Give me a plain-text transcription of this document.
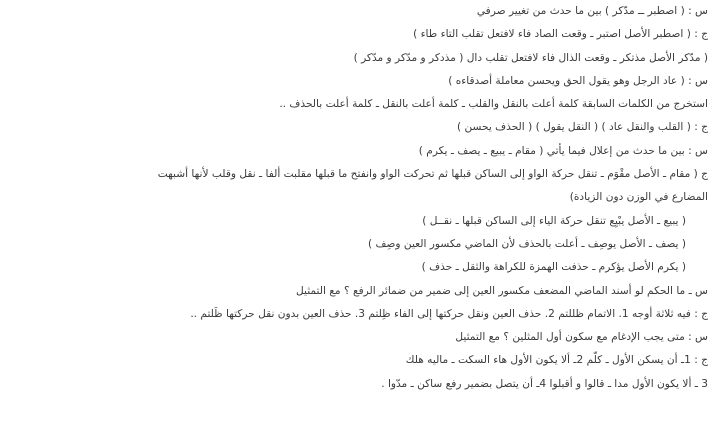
س : ( اصطبر ــ مدّكر ) بين ما حدث من تغيير صرفي
ج : ( اصطبر الأصل اصتبر ـ وقعت الصاد فاء لافتعل تقلب التاء طاء )
( مدّكر الأصل مذتكر ـ وقعت الذال فاء لافتعل تقلب دال ( مذدكر و مدّكر و مدّكر )
س : ( عاد الرجل وهو يقول الحق ويحسن معاملة أصدقاءه )
استخرج من الكلمات السابقة كلمة أعلت بالنقل والقلب ـ كلمة أعلت بالنقل ـ كلمة أعلت بالحذف ..
ج : ( القلب والنقل عاد ) ( النقل يقول ) ( الحذف يحسن )
س : بين ما حدث من إعلال فيما يأتي ( مقام ـ يبيع ـ يصف ـ يكرم )
ج ( مقام ـ الأصل مقْوَم ـ تنقل حركة الواو إلى الساكن قبلها ثم تحركت الواو وانفتح ما قبلها مقلبت ألفا ـ نقل وقلب لأنها أشبهت
المضارع في الوزن دون الزيادة)
( يبيع ـ الأصل يبْيِع تنقل حركة الياء إلى الساكن قبلها ـ نقــل )
( يصف ـ الأصل يوصِف ـ أعلت بالحذف لأن الماضي مكسور العين وصِف )
( يكرم الأصل يؤكرم ـ حذفت الهمزة للكراهة والثقل ـ حذف )
س ـ ما الحكم لو أسند الماضي المضعف مكسور العين إلى ضمير من ضمائر الرفع ؟ مع التمثيل
ج : فيه ثلاثة أوجه 1. الاتمام ظللتم 2. حذف العين ونقل حركتها إلى الفاء ظِلتم 3. حذف العين بدون نقل حركتها ظَلتم ..
س : متى يجب الإدغام مع سكون أول المثلين ؟ مع التمثيل
ج : 1ـ أن يسكن الأول ـ كلّم 2ـ ألا يكون الأول هاء السكت ـ ماليه هلك
3 ـ ألا يكون الأول مدا ـ قالوا و أقبلوا 4ـ أن يتصل بضمير رفع ساكن ـ مدّوا .
